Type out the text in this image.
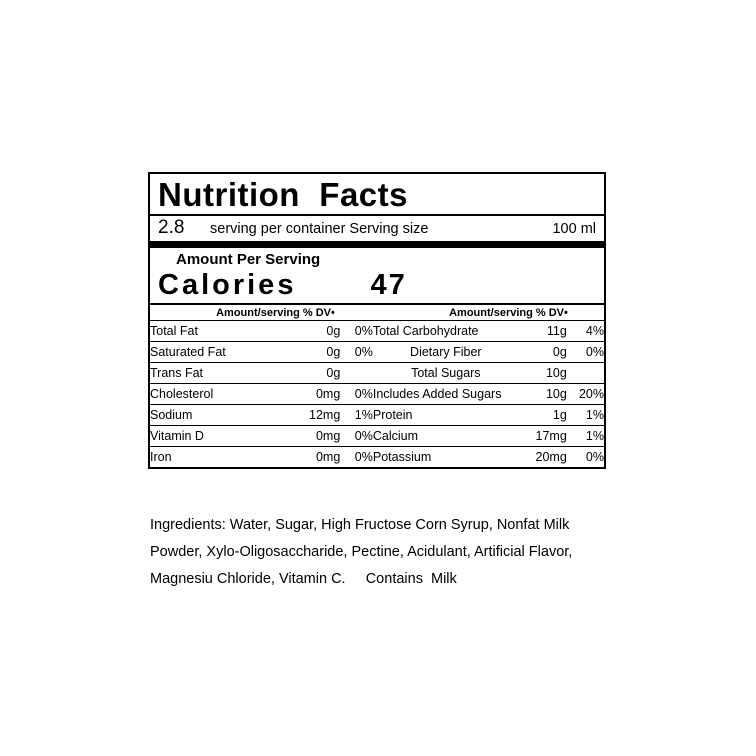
Nutrition  Facts
2.8	serving per container Serving size	100 ml
Amount Per Serving
Calories	47
Amount/serving % DV•	Amount/serving % DV•
Total Fat	0g	0%	Total Carbohydrate	11g	4%
Saturated Fat	0g	0%	Dietary Fiber	0g	0%
Trans Fat	0g		Total Sugars	10g	
Cholesterol	0mg	0%	Includes Added Sugars	10g	20%
Sodium	12mg	1%	Protein	1g	1%
Vitamin D	0mg	0%	Calcium	17mg	1%
Iron	0mg	0%	Potassium	20mg	0%
Ingredients: Water, Sugar, High Fructose Corn Syrup, Nonfat Milk
Powder, Xylo-Oligosaccharide, Pectine, Acidulant, Artificial Flavor,
Magnesiu Chloride, Vitamin C.     Contains  Milk
